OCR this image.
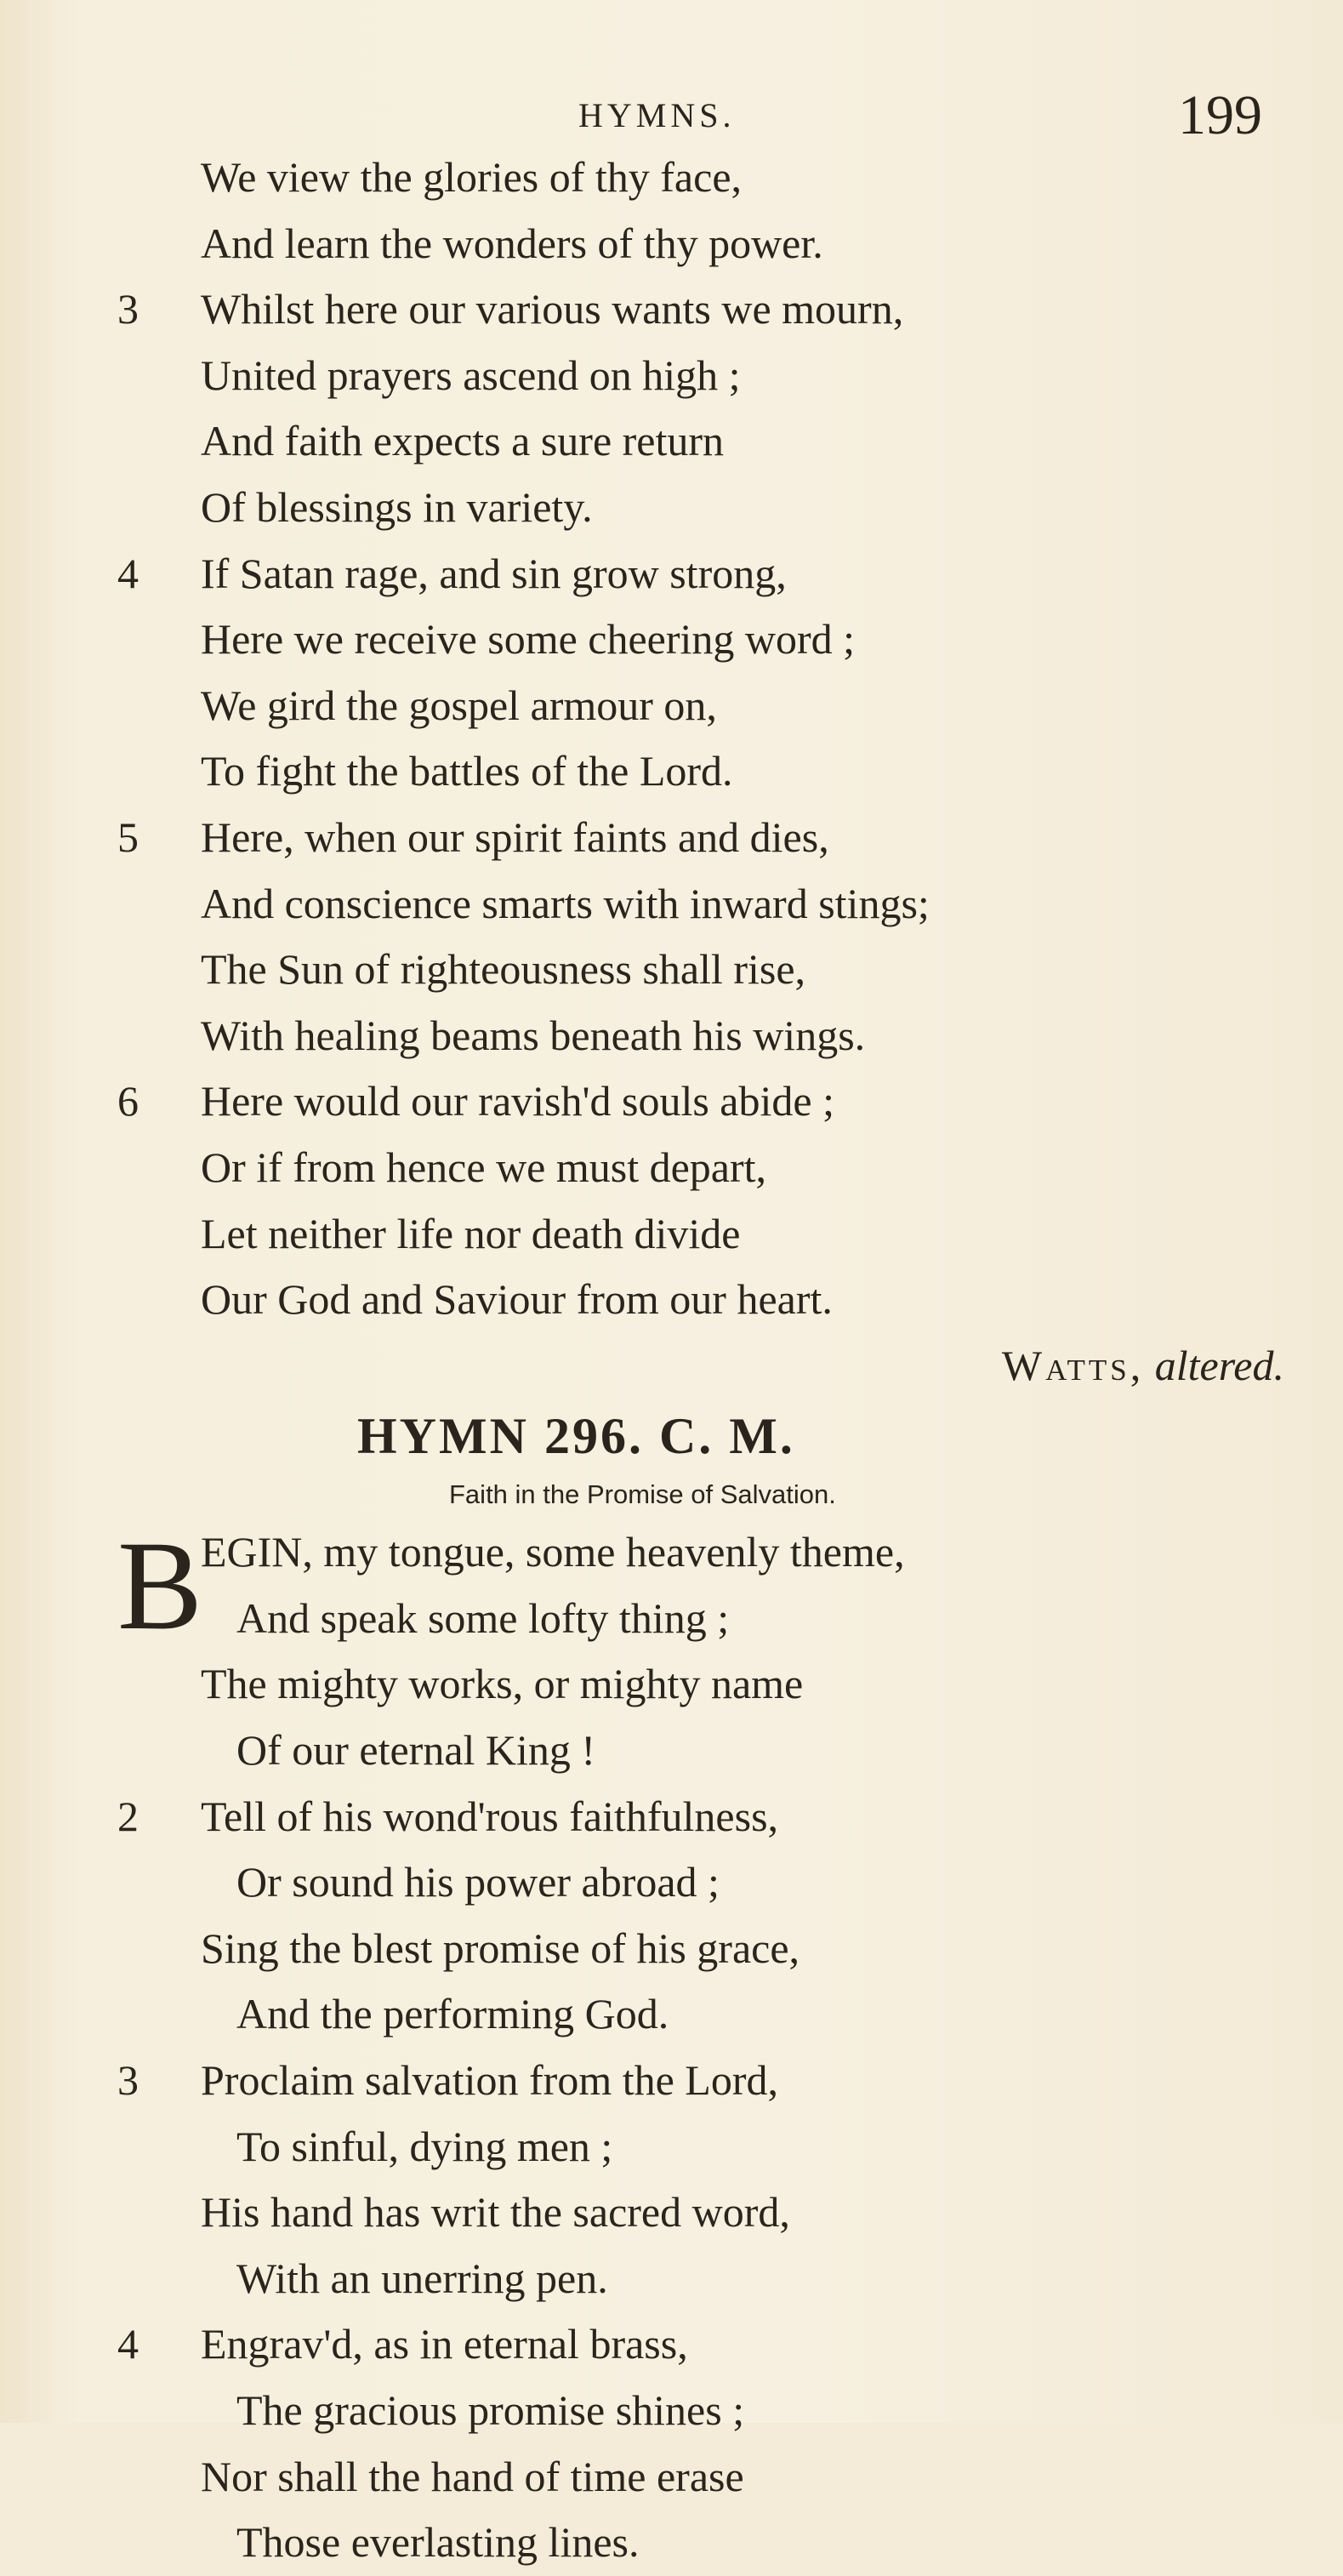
HYMNS.	199
We view the glories of thy face,
And learn the wonders of thy power.
3 Whilst here our various wants we mourn,
United prayers ascend on high ;
And faith expects a sure return
Of blessings in variety.
4 If Satan rage, and sin grow strong,
Here we receive some cheering word ;
We gird the gospel armour on,
To fight the battles of the Lord.
5 Here, when our spirit faints and dies,
And conscience smarts with inward stings;
The Sun of righteousness shall rise,
With healing beams beneath his wings.
6 Here would our ravish'd souls abide ;
Or if from hence we must depart,
Let neither life nor death divide
Our God and Saviour from our heart.
Watts, altered.
HYMN 296. C. M.
Faith in the Promise of Salvation.
B
EGIN, my tongue, some heavenly theme,
And speak some lofty thing ;
The mighty works, or mighty name
Of our eternal King !
2 Tell of his wond'rous faithfulness,
Or sound his power abroad ;
Sing the blest promise of his grace,
And the performing God.
3 Proclaim salvation from the Lord,
To sinful, dying men ;
His hand has writ the sacred word,
With an unerring pen.
4 Engrav'd, as in eternal brass,
The gracious promise shines ;
Nor shall the hand of time erase
Those everlasting lines.
